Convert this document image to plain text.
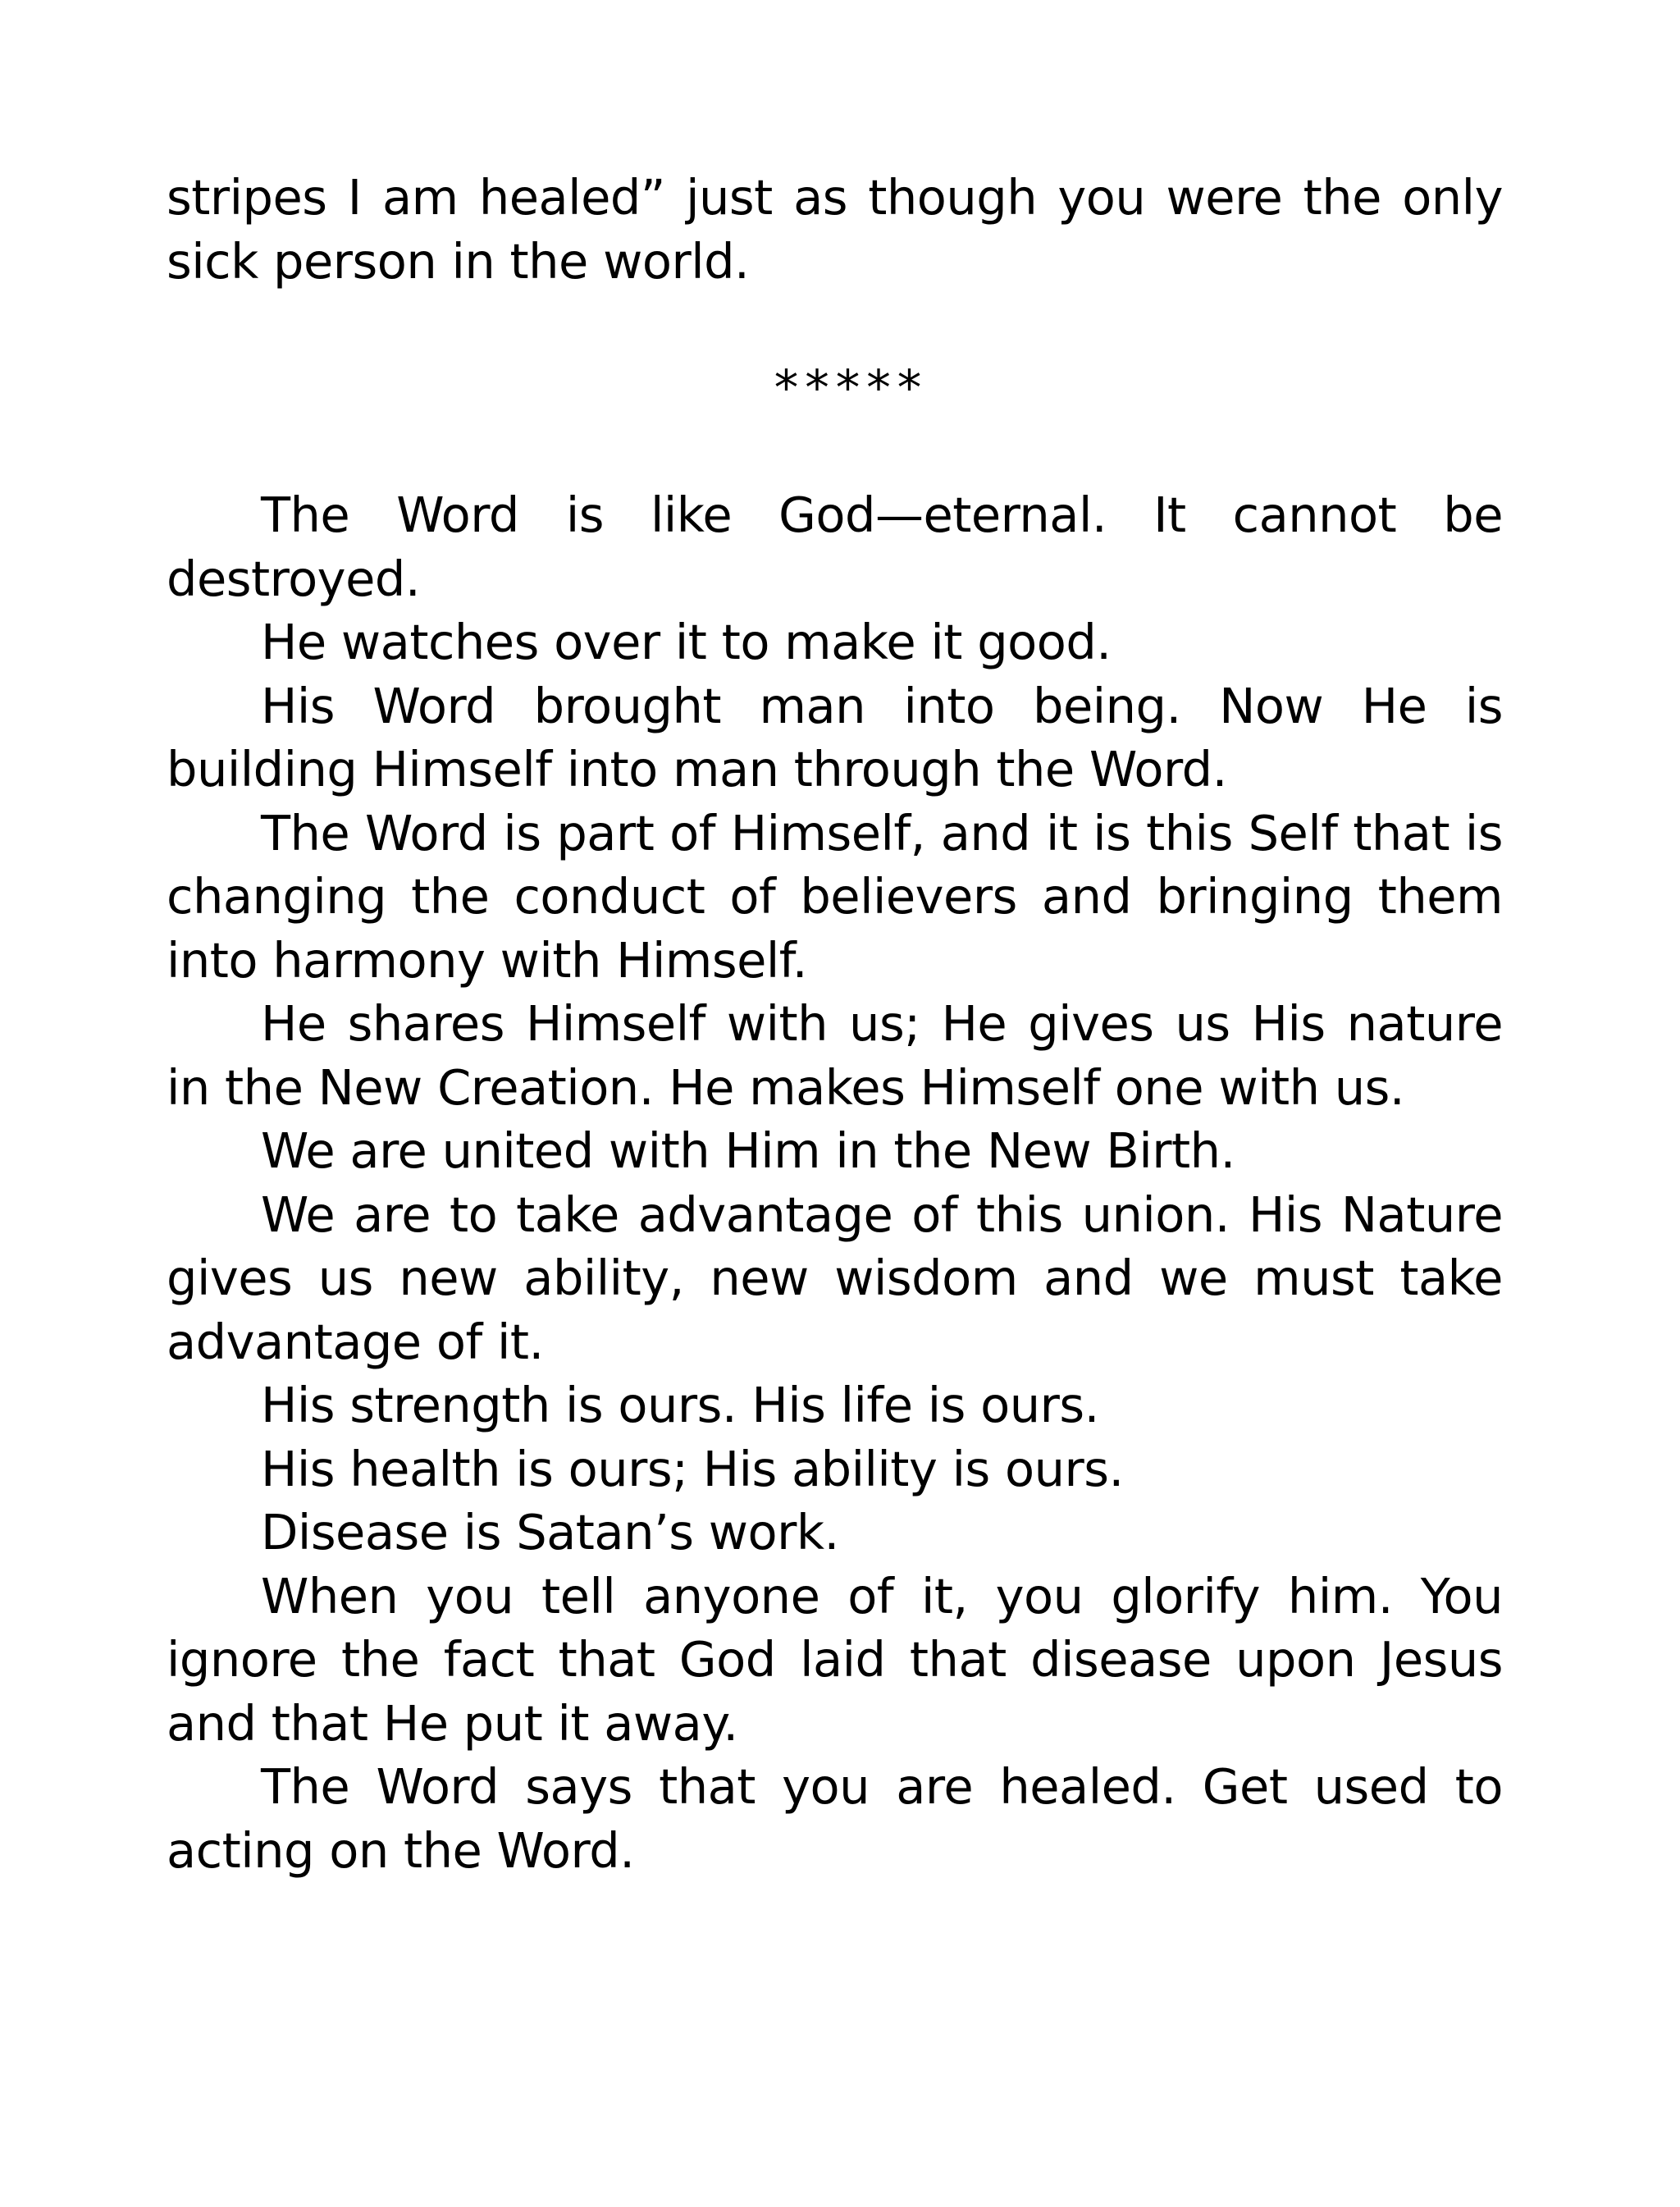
stripes I am healed” just as though you were the only sick person in the world.

*****

The Word is like God—eternal. It cannot be destroyed.

He watches over it to make it good.

His Word brought man into being. Now He is building Himself into man through the Word.

The Word is part of Himself, and it is this Self that is changing the conduct of believers and bringing them into harmony with Himself.

He shares Himself with us; He gives us His nature in the New Creation. He makes Himself one with us.

We are united with Him in the New Birth.

We are to take advantage of this union. His Nature gives us new ability, new wisdom and we must take advantage of it.

His strength is ours. His life is ours.

His health is ours; His ability is ours.

Disease is Satan’s work.

When you tell anyone of it, you glorify him. You ignore the fact that God laid that disease upon Jesus and that He put it away.

The Word says that you are healed. Get used to acting on the Word.
